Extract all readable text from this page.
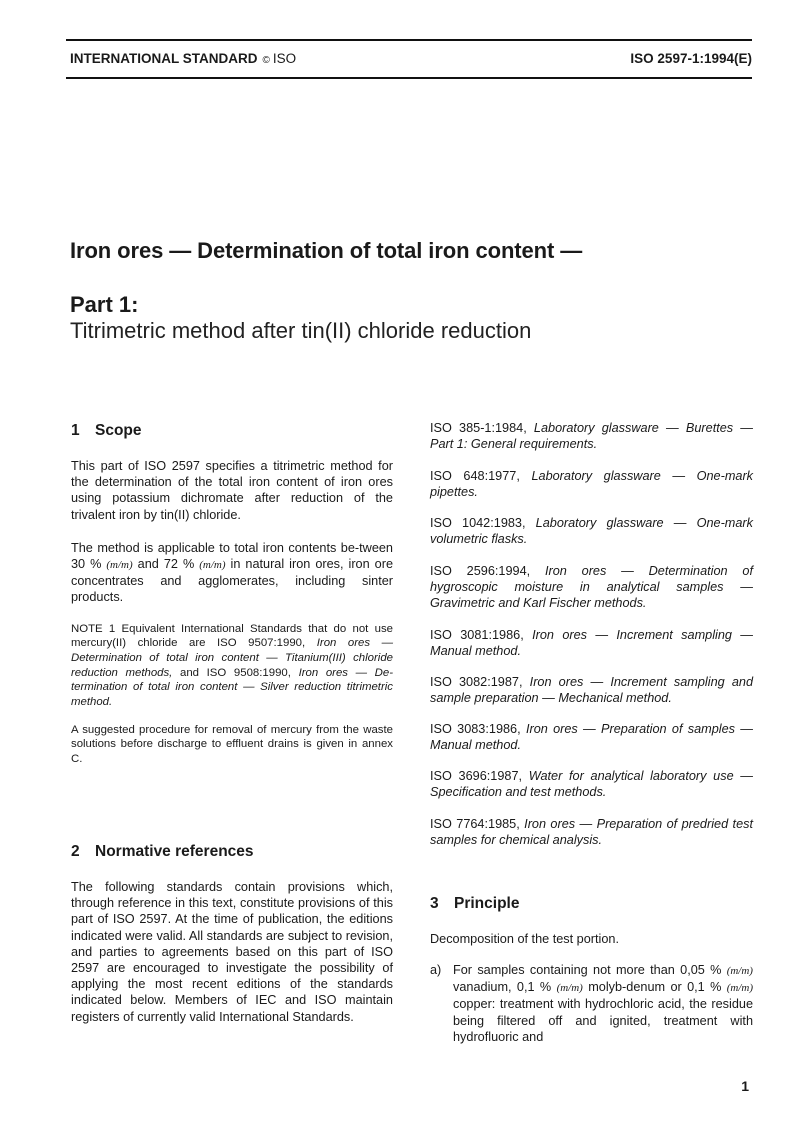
INTERNATIONAL STANDARD © ISO	ISO 2597-1:1994(E)
Iron ores — Determination of total iron content —
Part 1:
Titrimetric method after tin(II) chloride reduction
1 Scope

This part of ISO 2597 specifies a titrimetric method for the determination of the total iron content of iron ores using potassium dichromate after reduction of the trivalent iron by tin(II) chloride.

The method is applicable to total iron contents be-tween 30 % (m/m) and 72 % (m/m) in natural iron ores, iron ore concentrates and agglomerates, including sinter products.

NOTE 1 Equivalent International Standards that do not use mercury(II) chloride are ISO 9507:1990, Iron ores — Determination of total iron content — Titanium(III) chloride reduction methods, and ISO 9508:1990, Iron ores — De-termination of total iron content — Silver reduction titrimetric method.

A suggested procedure for removal of mercury from the waste solutions before discharge to effluent drains is given in annex C.

2 Normative references

The following standards contain provisions which, through reference in this text, constitute provisions of this part of ISO 2597. At the time of publication, the editions indicated were valid. All standards are subject to revision, and parties to agreements based on this part of ISO 2597 are encouraged to investigate the possibility of applying the most recent editions of the standards indicated below. Members of IEC and ISO maintain registers of currently valid International Standards.

ISO 385-1:1984, Laboratory glassware — Burettes — Part 1: General requirements.
ISO 648:1977, Laboratory glassware — One-mark pipettes.
ISO 1042:1983, Laboratory glassware — One-mark volumetric flasks.
ISO 2596:1994, Iron ores — Determination of hygroscopic moisture in analytical samples — Gravimetric and Karl Fischer methods.
ISO 3081:1986, Iron ores — Increment sampling — Manual method.
ISO 3082:1987, Iron ores — Increment sampling and sample preparation — Mechanical method.
ISO 3083:1986, Iron ores — Preparation of samples — Manual method.
ISO 3696:1987, Water for analytical laboratory use — Specification and test methods.
ISO 7764:1985, Iron ores — Preparation of predried test samples for chemical analysis.
3 Principle
Decomposition of the test portion.
a) For samples containing not more than 0,05 % (m/m) vanadium, 0,1 % (m/m) molyb-denum or 0,1 % (m/m) copper: treatment with hydrochloric acid, the residue being filtered off and ignited, treatment with hydrofluoric and
1
